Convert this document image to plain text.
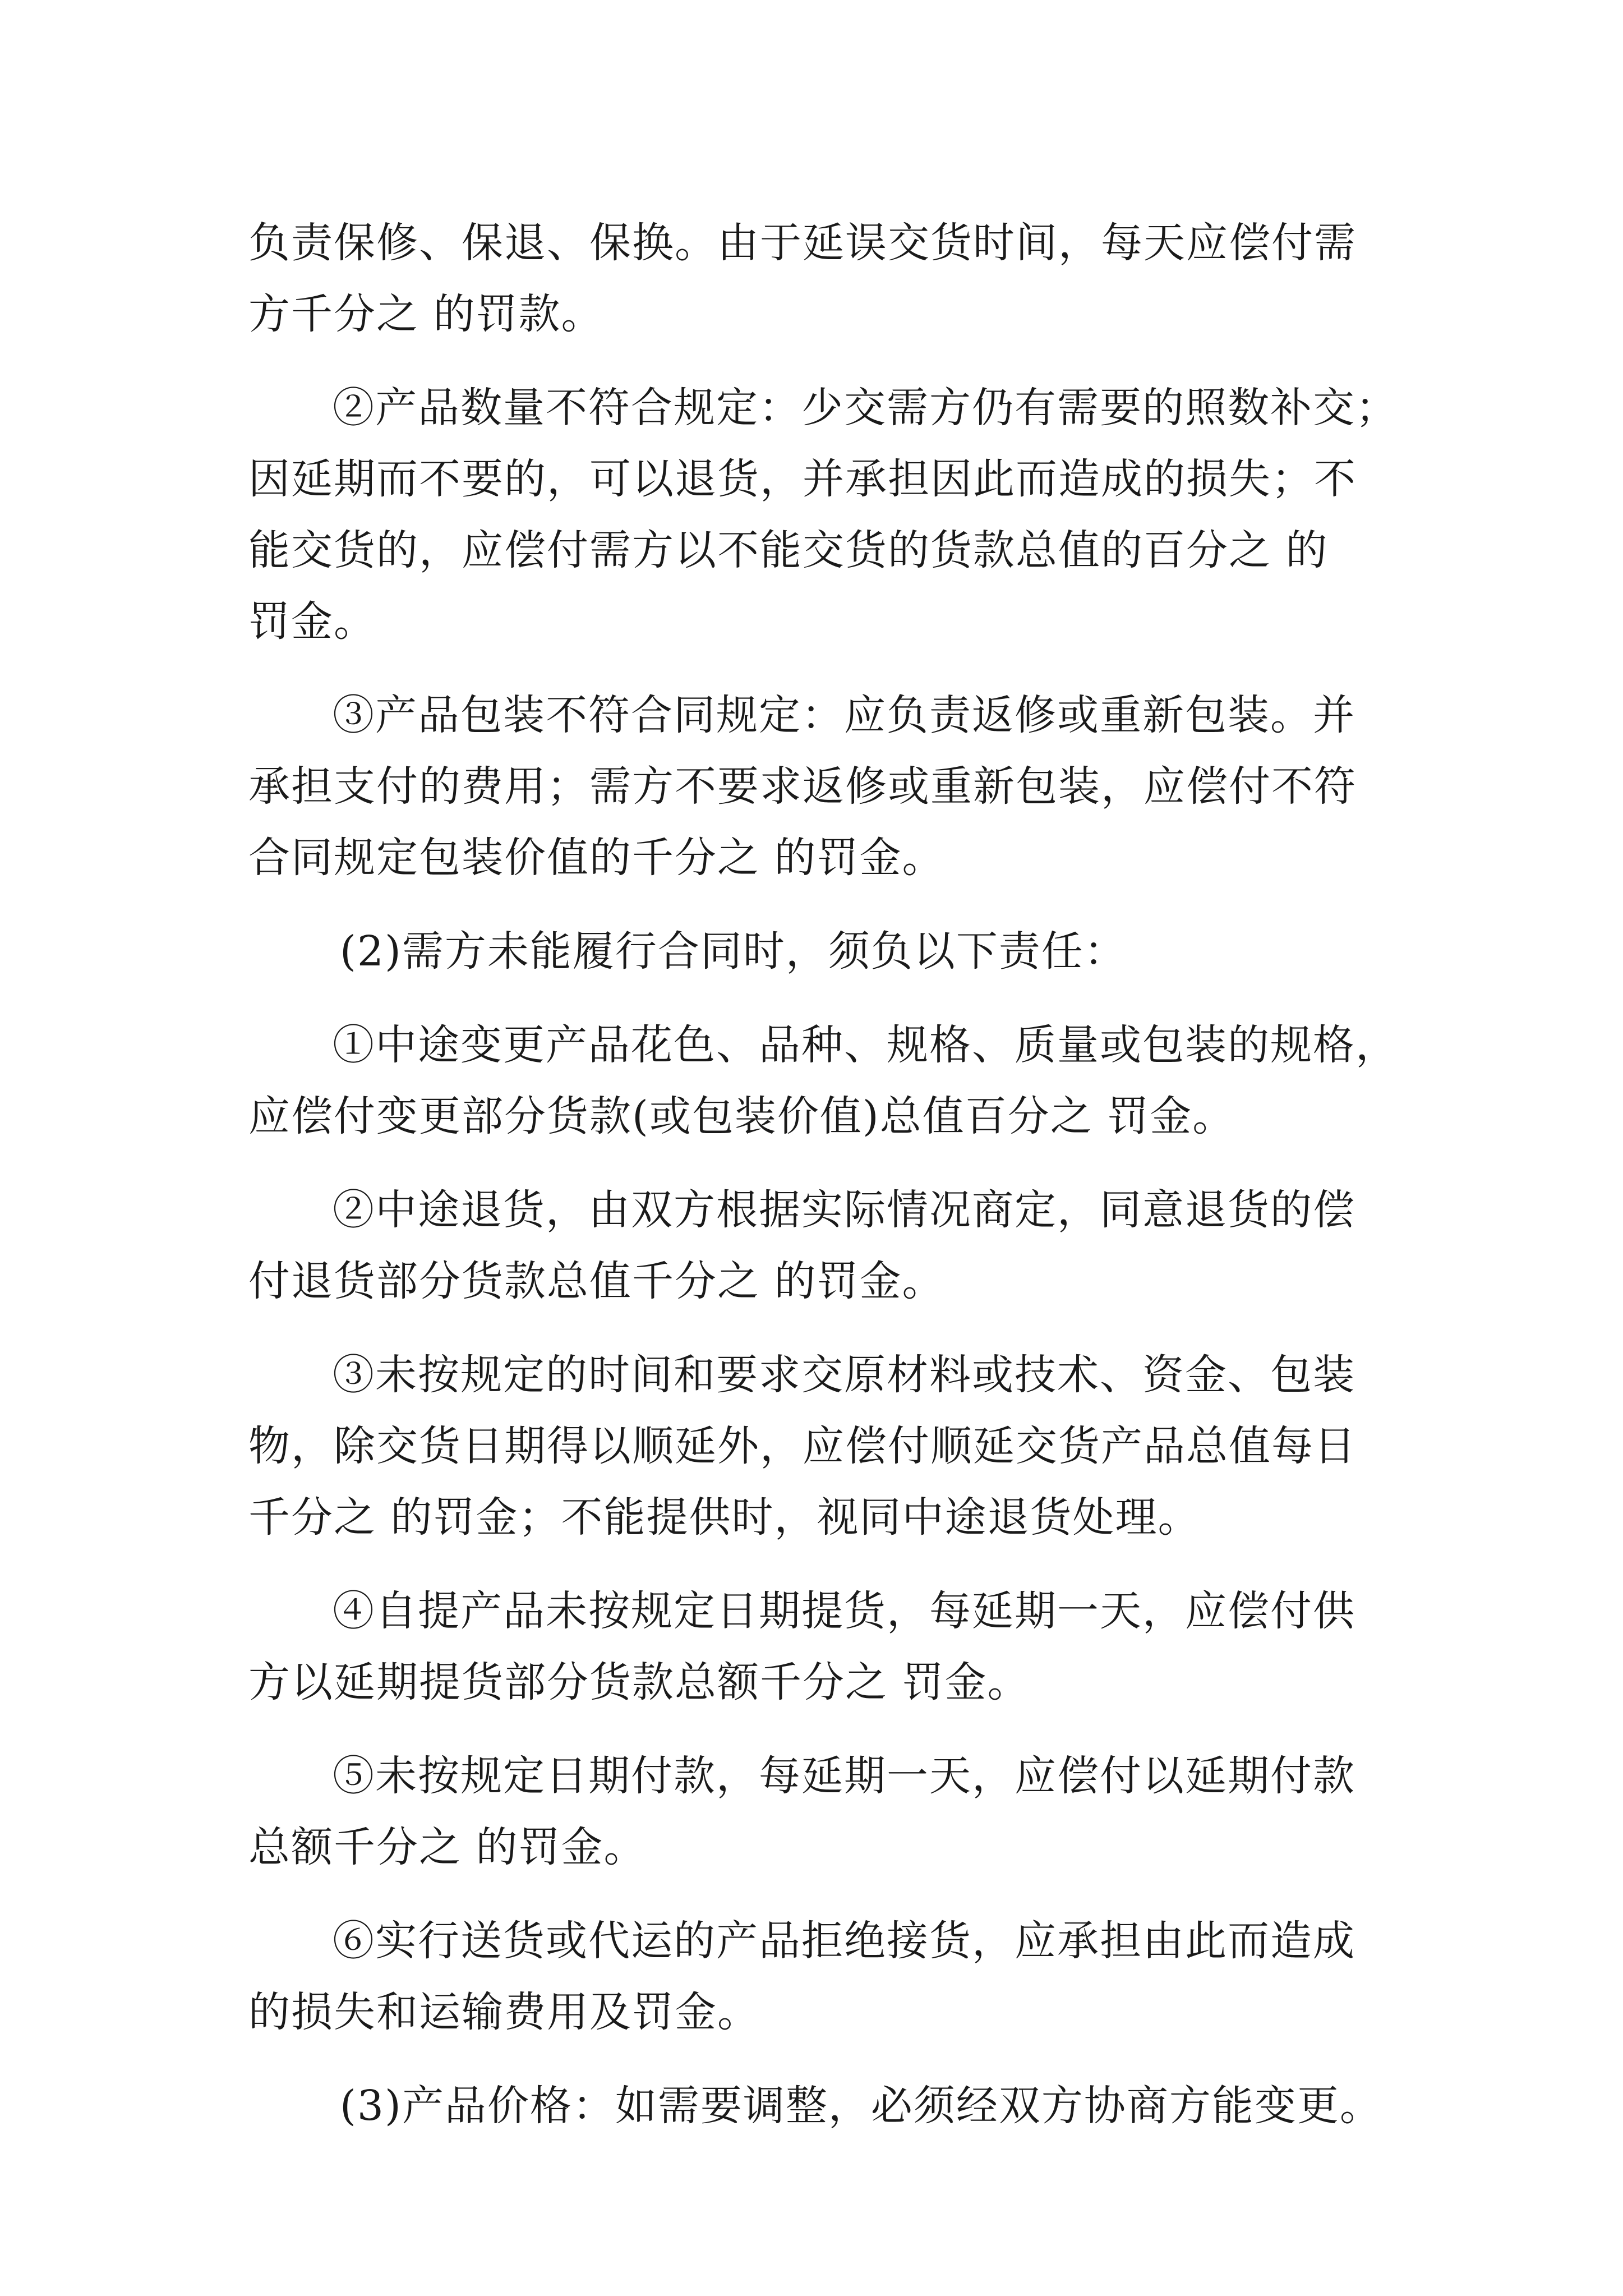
负责保修、保退、保换。由于延误交货时间，每天应偿付需
方千分之 的罚款。
②产品数量不符合规定：少交需方仍有需要的照数补交；
因延期而不要的，可以退货，并承担因此而造成的损失；不
能交货的，应偿付需方以不能交货的货款总值的百分之 的
罚金。
③产品包装不符合同规定：应负责返修或重新包装。并
承担支付的费用；需方不要求返修或重新包装，应偿付不符
合同规定包装价值的千分之 的罚金。
(2)需方未能履行合同时，须负以下责任：
①中途变更产品花色、品种、规格、质量或包装的规格，
应偿付变更部分货款(或包装价值)总值百分之 罚金。
②中途退货，由双方根据实际情况商定，同意退货的偿
付退货部分货款总值千分之 的罚金。
③未按规定的时间和要求交原材料或技术、资金、包装
物，除交货日期得以顺延外，应偿付顺延交货产品总值每日
千分之 的罚金；不能提供时，视同中途退货处理。
④自提产品未按规定日期提货，每延期一天，应偿付供
方以延期提货部分货款总额千分之 罚金。
⑤未按规定日期付款，每延期一天，应偿付以延期付款
总额千分之 的罚金。
⑥实行送货或代运的产品拒绝接货，应承担由此而造成
的损失和运输费用及罚金。
(3)产品价格：如需要调整，必须经双方协商方能变更。
